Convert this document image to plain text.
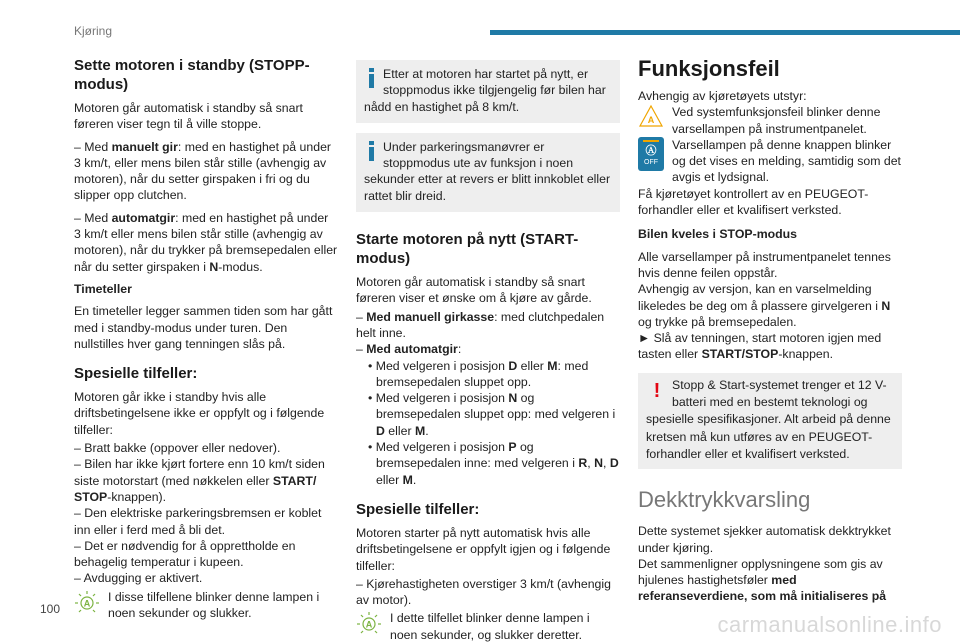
Kjøring
Sette motoren i standby (STOPP-modus)

Motoren går automatisk i standby så snart føreren viser tegn til å ville stoppe.

– Med manuelt gir: med en hastighet på under 3 km/t, eller mens bilen står stille (avhengig av motoren), når du setter girspaken i fri og du slipper opp clutchen.

– Med automatgir: med en hastighet på under 3 km/t eller mens bilen står stille (avhengig av motoren), når du trykker på bremsepedalen eller når du setter girspaken i N-modus.

Timeteller

En timeteller legger sammen tiden som har gått med i standby-modus under turen. Den nullstilles hver gang tenningen slås på.

Spesielle tilfeller:

Motoren går ikke i standby hvis alle driftsbetingelsene ikke er oppfylt og i følgende tilfeller:

– Bratt bakke (oppover eller nedover).
– Bilen har ikke kjørt fortere enn 10 km/t siden siste motorstart (med nøkkelen eller START/ STOP-knappen).
– Den elektriske parkeringsbremsen er koblet inn eller i ferd med å bli det.
– Det er nødvendig for å opprettholde en behagelig temperatur i kupeen.
– Avdugging er aktivert.
A I disse tilfellene blinker denne lampen i noen sekunder og slukker.

Etter at motoren har startet på nytt, er stoppmodus ikke tilgjengelig før bilen har nådd en hastighet på 8 km/t.

Under parkeringsmanøvrer er stoppmodus ute av funksjon i noen sekunder etter at revers er blitt innkoblet eller rattet blir dreid.

Starte motoren på nytt (START-modus)

Motoren går automatisk i standby så snart føreren viser et ønske om å kjøre av gårde.

– Med manuell girkasse: med clutchpedalen helt inne.
– Med automatgir:
• Med velgeren i posisjon D eller M: med bremsepedalen sluppet opp.
• Med velgeren i posisjon N og bremsepedalen sluppet opp: med velgeren i D eller M.
• Med velgeren i posisjon P og bremsepedalen inne: med velgeren i R, N, D eller M.
Spesielle tilfeller:

Motoren starter på nytt automatisk hvis alle driftsbetingelsene er oppfylt igjen og i følgende tilfeller:

– Kjørehastigheten overstiger 3 km/t (avhengig av motor).
A I dette tilfellet blinker denne lampen i noen sekunder, og slukker deretter.
Funksjonsfeil

Avhengig av kjøretøyets utstyr:

A
Ved systemfunksjonsfeil blinker denne varsellampen på instrumentpanelet.
Ⓐ
OFF
Varsellampen på denne knappen blinker og det vises en melding, samtidig som det avgis et lydsignal.

Få kjøretøyet kontrollert av en PEUGEOT-forhandler eller et kvalifisert verksted.

Bilen kveles i STOP-modus

Alle varsellamper på instrumentpanelet tennes hvis denne feilen oppstår.
Avhengig av versjon, kan en varselmelding likeledes be deg om å plassere girvelgeren i N og trykke på bremsepedalen.
► Slå av tenningen, start motoren igjen med tasten eller START/STOP-knappen.
! Stopp & Start-systemet trenger et 12 V-batteri med en bestemt teknologi og spesielle spesifikasjoner. Alt arbeid på denne kretsen må kun utføres av en PEUGEOT-forhandler eller et kvalifisert verksted.

Dekktrykkvarsling

Dette systemet sjekker automatisk dekktrykket under kjøring.

Det sammenligner opplysningene som gis av hjulenes hastighetsføler med referanseverdiene, som må initialiseres på
100
carmanualsonline.info
